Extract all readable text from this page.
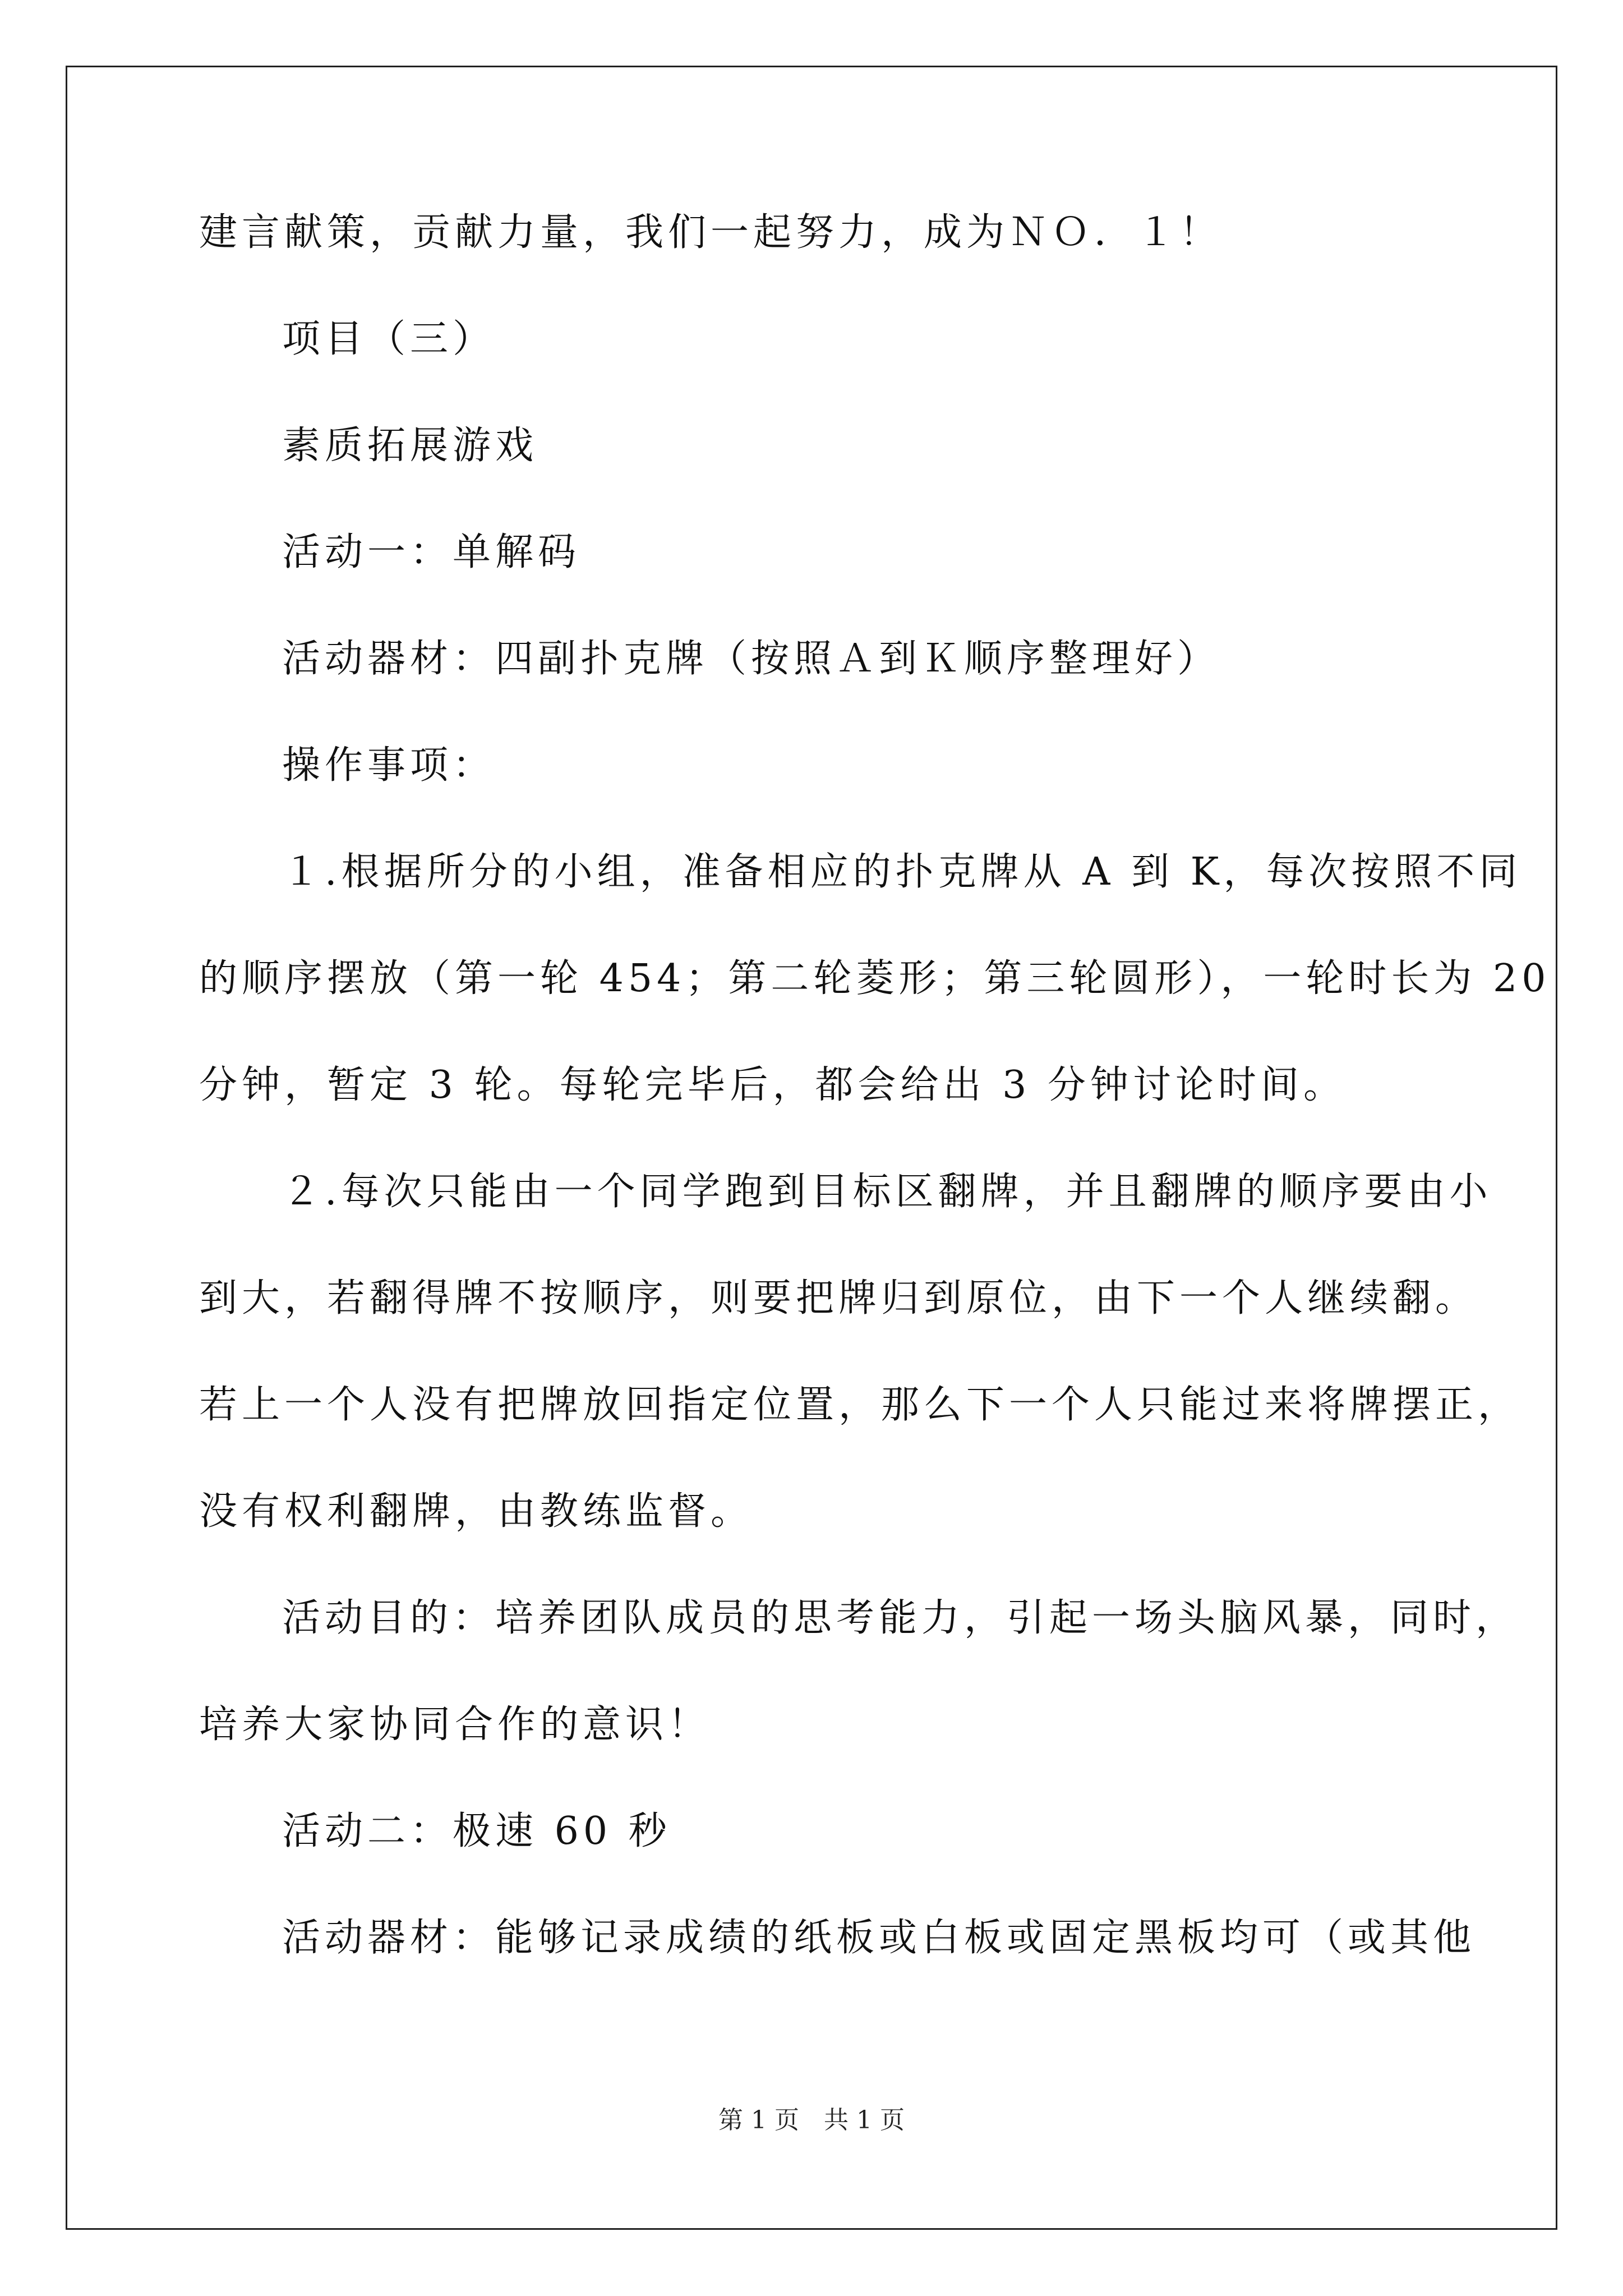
建言献策，贡献力量，我们一起努力，成为ＮＯ．１！
项目（三）
素质拓展游戏
活动一：单解码
活动器材：四副扑克牌（按照Ａ到Ｋ顺序整理好）
操作事项：
１.根据所分的小组，准备相应的扑克牌从 A 到 K，每次按照不同
的顺序摆放（第一轮 454；第二轮菱形；第三轮圆形），一轮时长为 20
分钟，暂定 3 轮。每轮完毕后，都会给出 3 分钟讨论时间。
２.每次只能由一个同学跑到目标区翻牌，并且翻牌的顺序要由小
到大，若翻得牌不按顺序，则要把牌归到原位，由下一个人继续翻。
若上一个人没有把牌放回指定位置，那么下一个人只能过来将牌摆正，
没有权利翻牌，由教练监督。
活动目的：培养团队成员的思考能力，引起一场头脑风暴，同时，
培养大家协同合作的意识！
活动二：极速 60 秒
活动器材：能够记录成绩的纸板或白板或固定黑板均可（或其他
第 1 页　共 1 页
